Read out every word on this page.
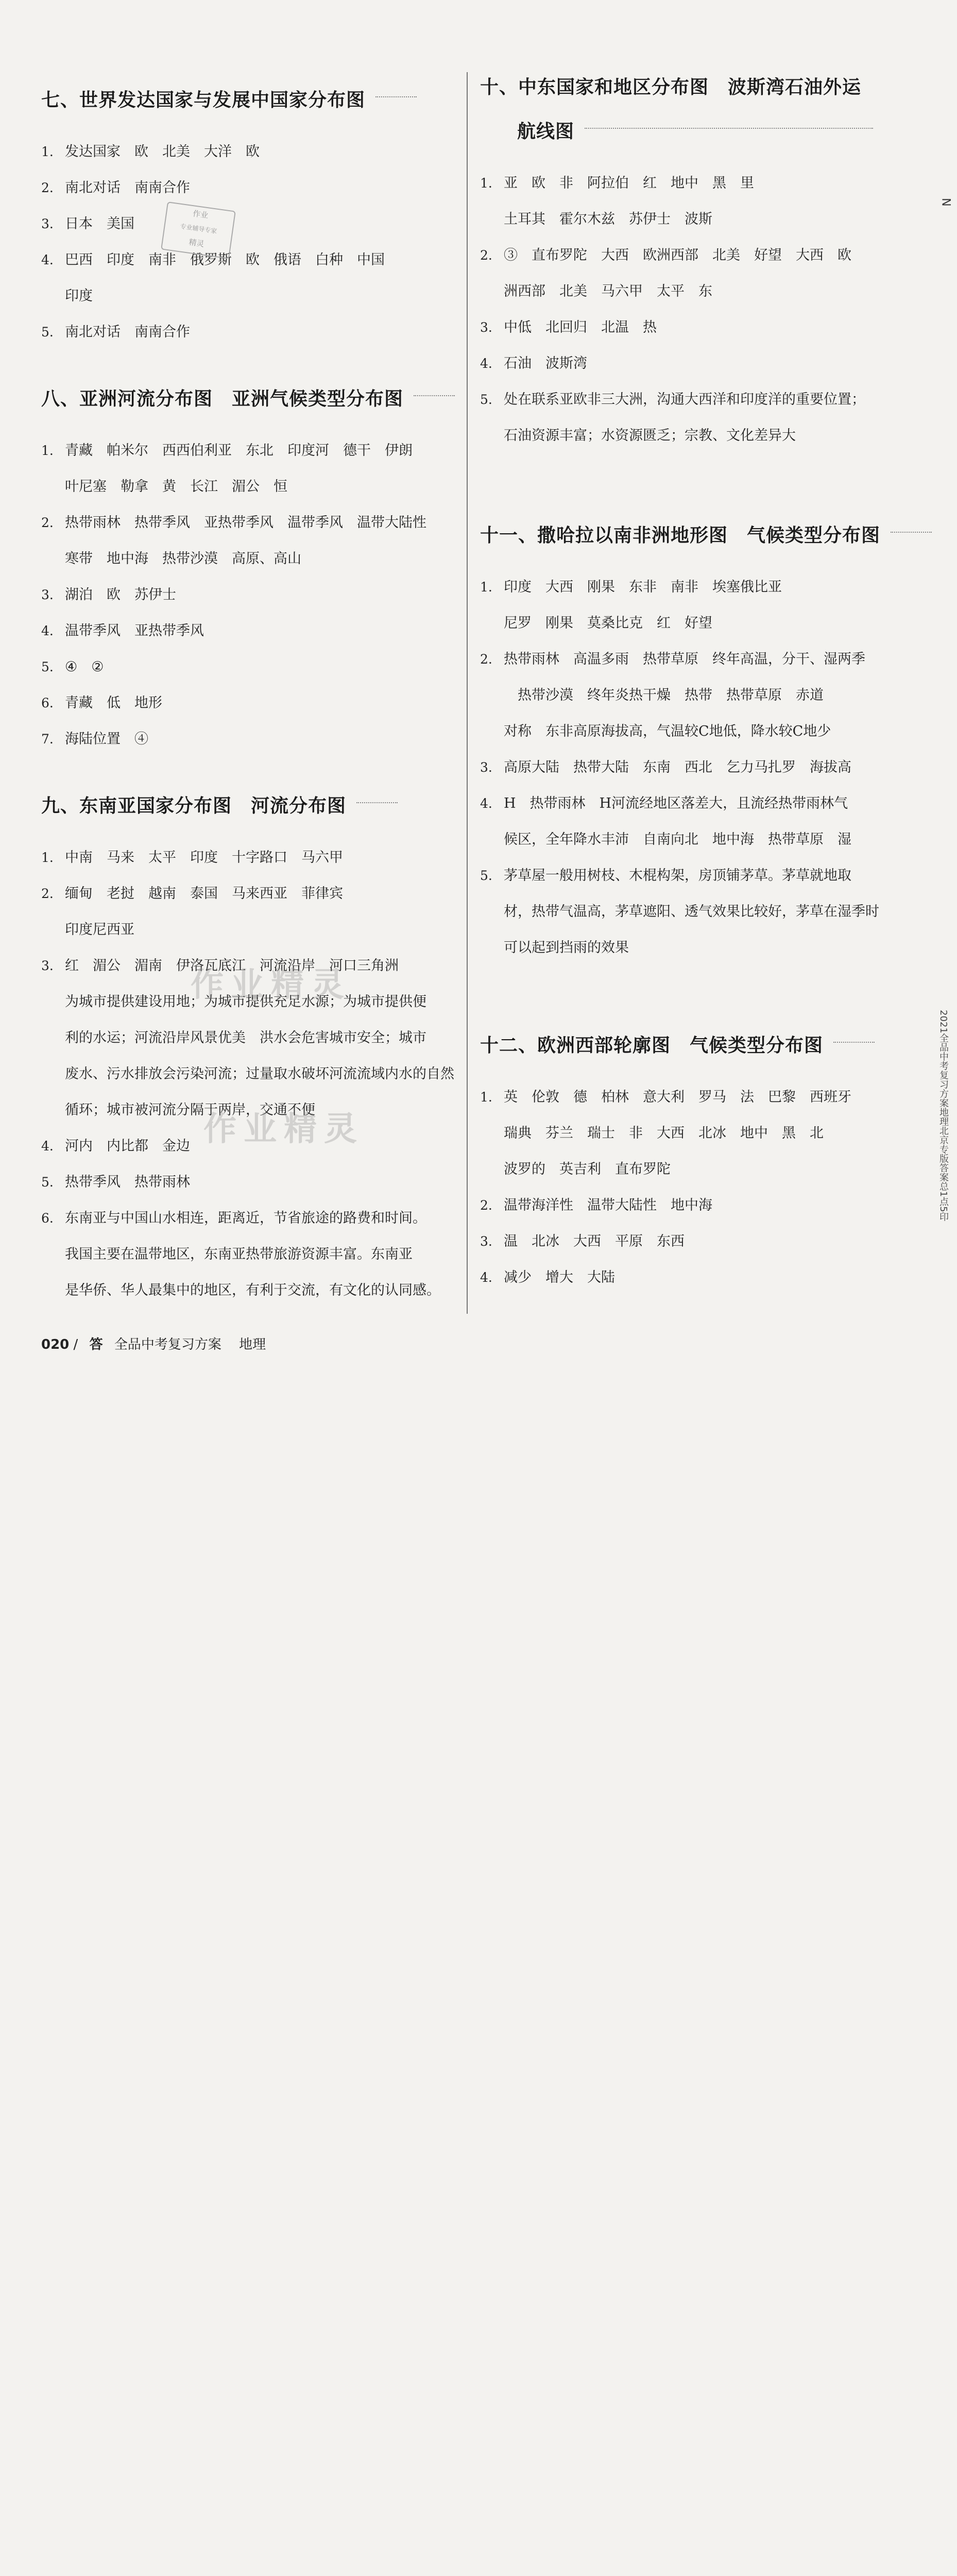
七、世界发达国家与发展中国家分布图
1. 发达国家　欧　北美　大洋　欧
2. 南北对话　南南合作
3. 日本　美国
4. 巴西　印度　南非　俄罗斯　欧　俄语　白种　中国
印度
5. 南北对话　南南合作
八、亚洲河流分布图　亚洲气候类型分布图
1. 青藏　帕米尔　西西伯利亚　东北　印度河　德干　伊朗
叶尼塞　勒拿　黄　长江　湄公　恒
2. 热带雨林　热带季风　亚热带季风　温带季风　温带大陆性
寒带　地中海　热带沙漠　高原、高山
3. 湖泊　欧　苏伊士
4. 温带季风　亚热带季风
5. ④　②
6. 青藏　低　地形
7. 海陆位置　④
九、东南亚国家分布图　河流分布图
1. 中南　马来　太平　印度　十字路口　马六甲
2. 缅甸　老挝　越南　泰国　马来西亚　菲律宾
印度尼西亚
3. 红　湄公　湄南　伊洛瓦底江　河流沿岸　河口三角洲
为城市提供建设用地；为城市提供充足水源；为城市提供便
利的水运；河流沿岸风景优美　洪水会危害城市安全；城市
废水、污水排放会污染河流；过量取水破坏河流流域内水的自然
循环；城市被河流分隔于两岸，交通不便
4. 河内　内比都　金边
5. 热带季风　热带雨林
6. 东南亚与中国山水相连，距离近，节省旅途的路费和时间。
我国主要在温带地区，东南亚热带旅游资源丰富。东南亚
是华侨、华人最集中的地区，有利于交流，有文化的认同感。
十、中东国家和地区分布图　波斯湾石油外运
航线图
1. 亚　欧　非　阿拉伯　红　地中　黑　里
土耳其　霍尔木兹　苏伊士　波斯
2. ③　直布罗陀　大西　欧洲西部　北美　好望　大西　欧
洲西部　北美　马六甲　太平　东
3. 中低　北回归　北温　热
4. 石油　波斯湾
5. 处在联系亚欧非三大洲，沟通大西洋和印度洋的重要位置；
石油资源丰富；水资源匮乏；宗教、文化差异大
十一、撒哈拉以南非洲地形图　气候类型分布图
1. 印度　大西　刚果　东非　南非　埃塞俄比亚
尼罗　刚果　莫桑比克　红　好望
2. 热带雨林　高温多雨　热带草原　终年高温，分干、湿两季
　热带沙漠　终年炎热干燥　热带　热带草原　赤道
对称　东非高原海拔高，气温较C地低，降水较C地少
3. 高原大陆　热带大陆　东南　西北　乞力马扎罗　海拔高
4. H　热带雨林　H河流经地区落差大，且流经热带雨林气
候区，全年降水丰沛　自南向北　地中海　热带草原　湿
5. 茅草屋一般用树枝、木棍构架，房顶铺茅草。茅草就地取
材，热带气温高，茅草遮阳、透气效果比较好，茅草在湿季时
可以起到挡雨的效果
十二、欧洲西部轮廓图　气候类型分布图
1. 英　伦敦　德　柏林　意大利　罗马　法　巴黎　西班牙
瑞典　芬兰　瑞士　非　大西　北冰　地中　黑　北
波罗的　英吉利　直布罗陀
2. 温带海洋性　温带大陆性　地中海
3. 温　北冰　大西　平原　东西
4. 减少　增大　大陆
作业精灵
作业精灵
作业
专业辅导专家
精灵
N
2021全品中考复习方案地理北京专版答案总1点5印
020 / 答 全品中考复习方案 地理
